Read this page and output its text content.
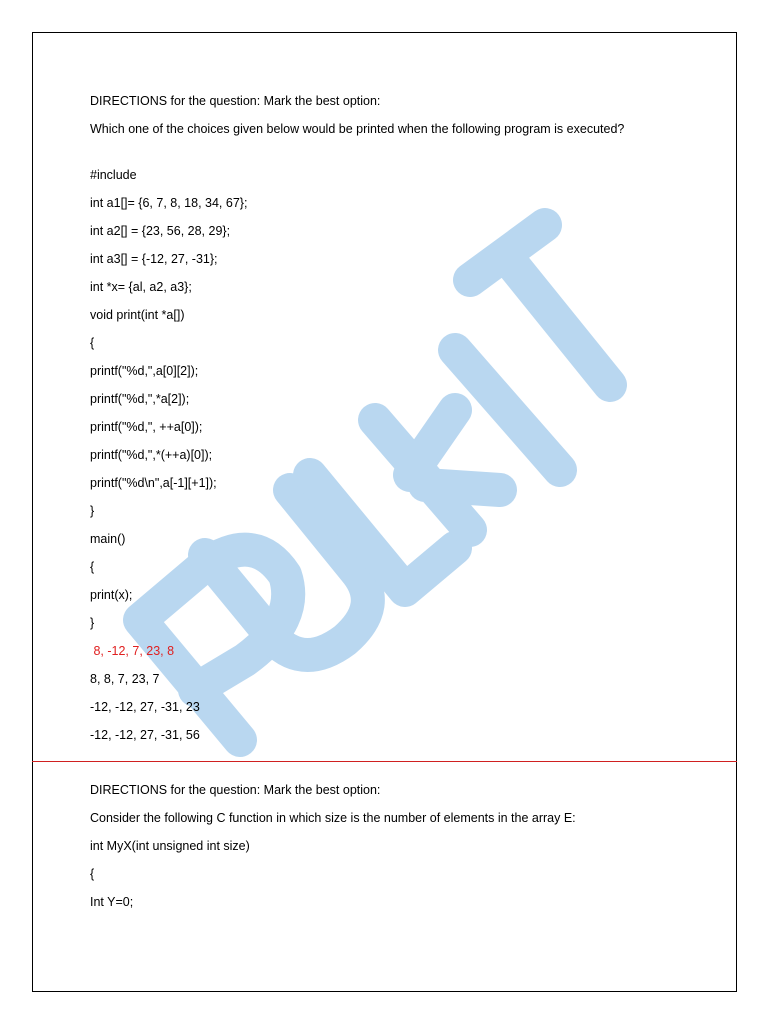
DIRECTIONS for the question: Mark the best option:
Which one of the choices given below would be printed when the following program is executed?
#include
int a1[]= {6, 7, 8, 18, 34, 67};
int a2[] = {23, 56, 28, 29};
int a3[] = {-12, 27, -31};
int *x= {al, a2, a3};
void print(int *a[])
{
printf("%d,",a[0][2]);
printf("%d,",*a[2]);
printf("%d,", ++a[0]);
printf("%d,",*(++a)[0]);
printf("%d\n",a[-1][+1]);
}
main()
{
print(x);
}
8, -12, 7, 23, 8
8, 8, 7, 23, 7
-12, -12, 27, -31, 23
-12, -12, 27, -31, 56
DIRECTIONS for the question: Mark the best option:
Consider the following C function in which size is the number of elements in the array E:
int MyX(int unsigned int size)
{
Int Y=0;
